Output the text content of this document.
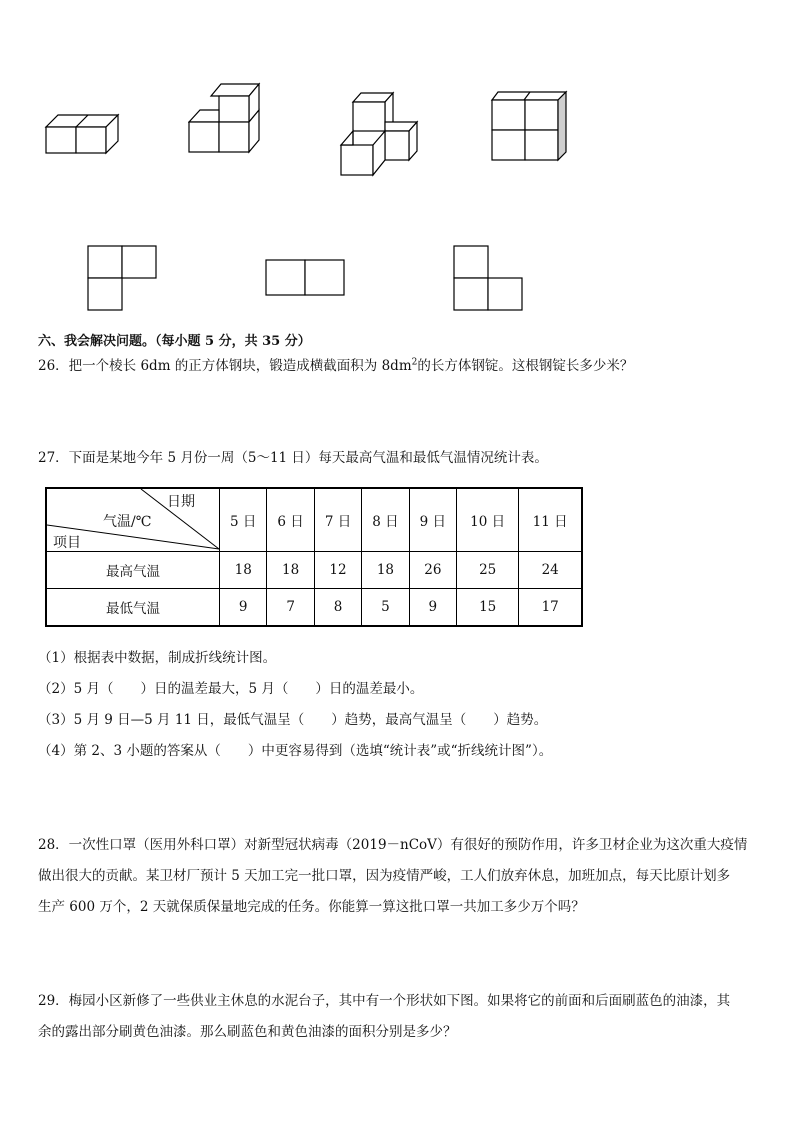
六、我会解决问题。（每小题 5 分，共 35 分）
26．把一个棱长 6dm 的正方体钢块，锻造成横截面积为 $8dm^2$的长方体钢锭。这根钢锭长多少米？
27．下面是某地今年 5 月份一周（5～11 日）每天最高气温和最低气温情况统计表。
日期
气温/℃
项目	5 日	6 日	7 日	8 日	9 日	10 日	11 日
最高气温	18	18	12	18	26	25	24
最低气温	9	7	8	5	9	15	17
（1）根据表中数据，制成折线统计图。
（2）5 月（　　）日的温差最大，5 月（　　）日的温差最小。
（3）5 月 9 日—5 月 11 日，最低气温呈（　　）趋势，最高气温呈（　　）趋势。
（4）第 2、3 小题的答案从（　　）中更容易得到（选填“统计表”或“折线统计图”）。
28．一次性口罩（医用外科口罩）对新型冠状病毒（2019－nCoV）有很好的预防作用，许多卫材企业为这次重大疫情
做出很大的贡献。某卫材厂预计 5 天加工完一批口罩，因为疫情严峻，工人们放弃休息，加班加点，每天比原计划多
生产 600 万个，2 天就保质保量地完成的任务。你能算一算这批口罩一共加工多少万个吗？
29．梅园小区新修了一些供业主休息的水泥台子，其中有一个形状如下图。如果将它的前面和后面刷蓝色的油漆，其
余的露出部分刷黄色油漆。那么刷蓝色和黄色油漆的面积分别是多少？
